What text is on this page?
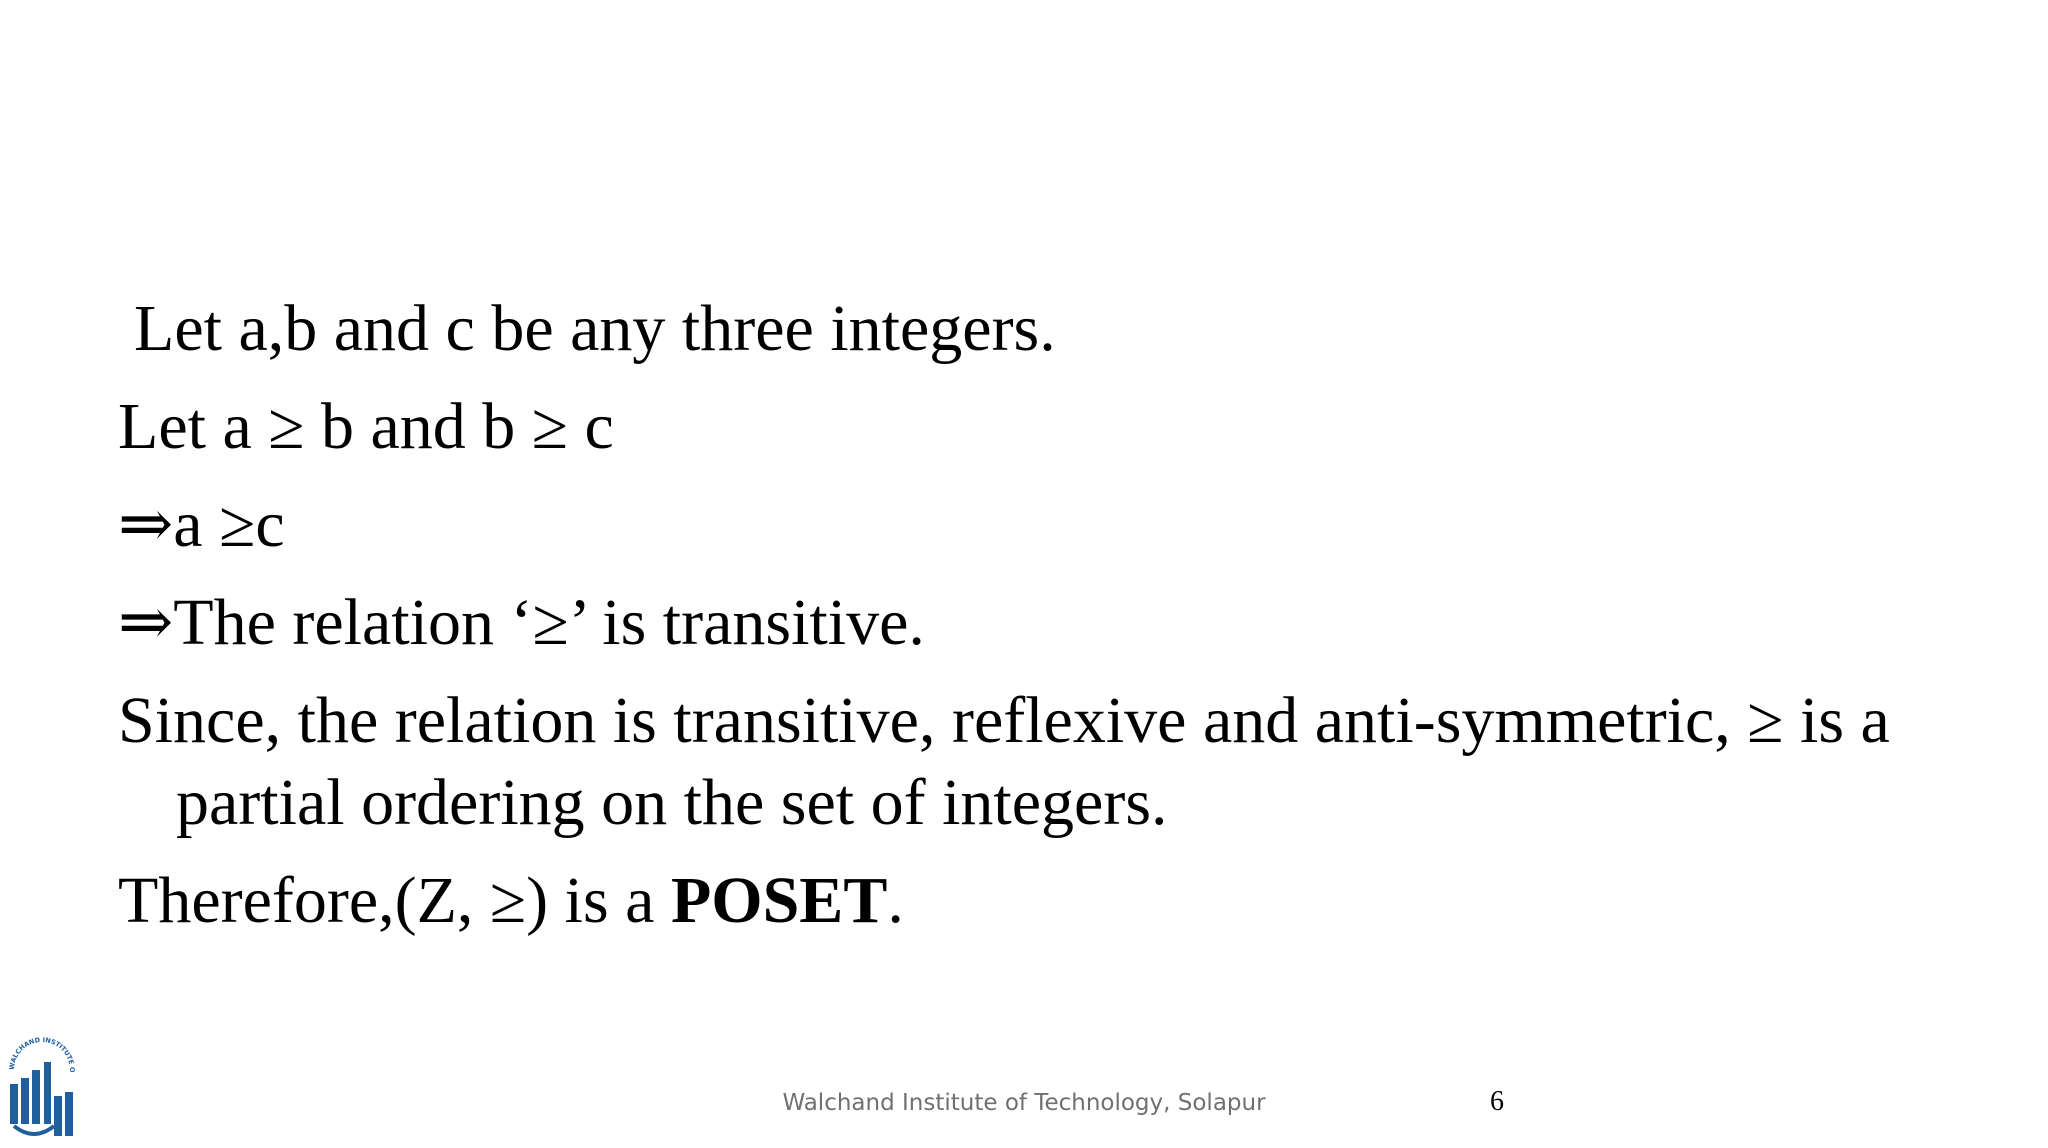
Let a,b and c be any three integers.
Let a ≥ b and b ≥ c
⇒a ≥c
⇒The relation ‘≥’ is transitive.
Since, the relation is transitive, reflexive and anti-symmetric, ≥ is a partial ordering on the set of integers.
Therefore,(Z, ≥) is a POSET.
WALCHAND INSTITUTE O
Walchand Institute of Technology, Solapur	6
